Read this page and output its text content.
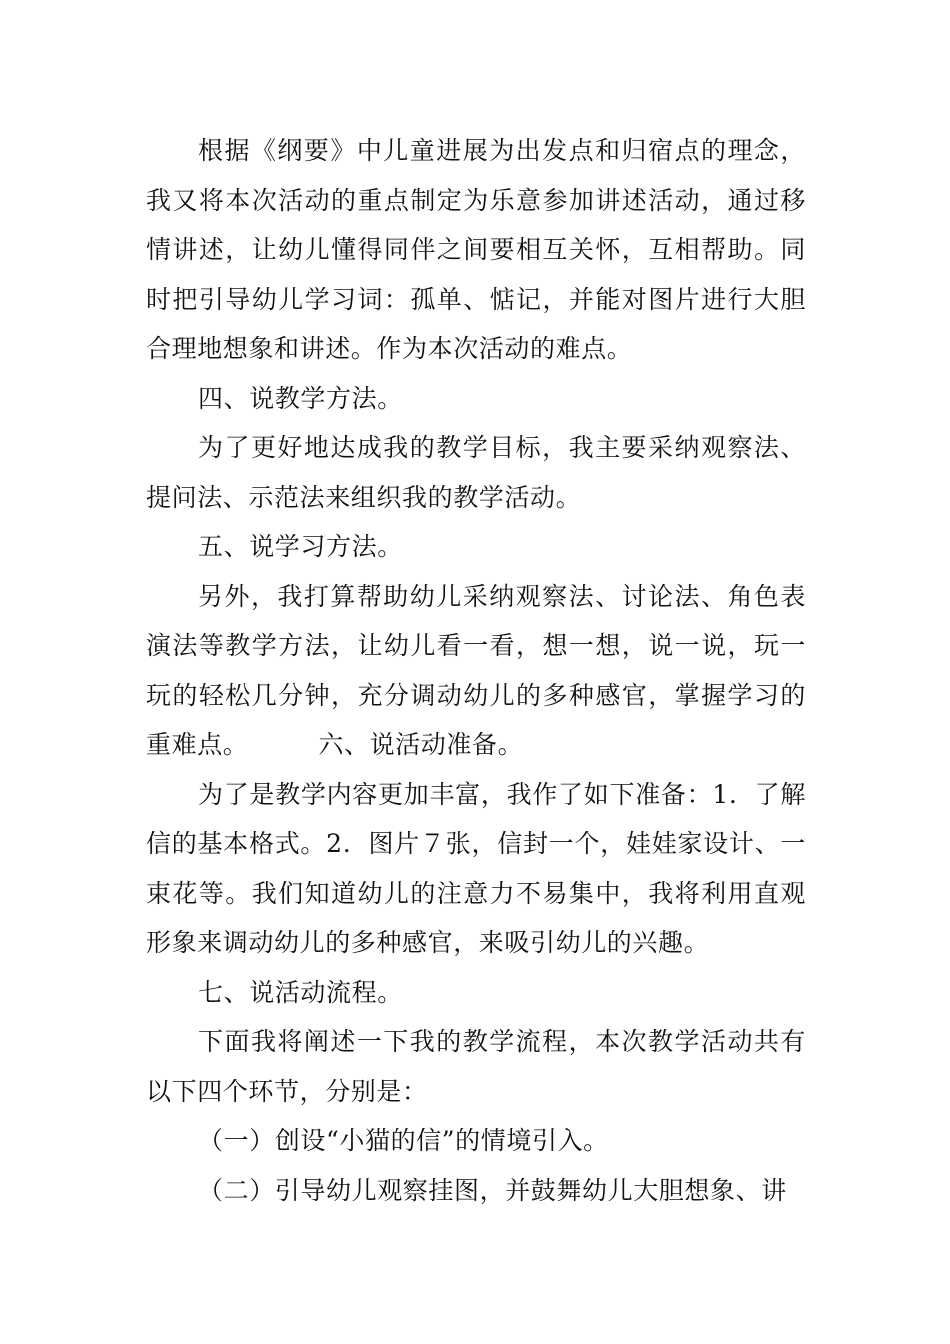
根据《纲要》中儿童进展为出发点和归宿点的理念，我又将本次活动的重点制定为乐意参加讲述活动，通过移情讲述，让幼儿懂得同伴之间要相互关怀，互相帮助。同时把引导幼儿学习词：孤单、惦记，并能对图片进行大胆合理地想象和讲述。作为本次活动的难点。

四、说教学方法。

为了更好地达成我的教学目标，我主要采纳观察法、提问法、示范法来组织我的教学活动。

五、说学习方法。

另外，我打算帮助幼儿采纳观察法、讨论法、角色表演法等教学方法，让幼儿看一看，想一想，说一说，玩一玩的轻松几分钟，充分调动幼儿的多种感官，掌握学习的重难点。	六、说活动准备。

为了是教学内容更加丰富，我作了如下准备：1．了解信的基本格式。2．图片７张，信封一个，娃娃家设计、一束花等。我们知道幼儿的注意力不易集中，我将利用直观形象来调动幼儿的多种感官，来吸引幼儿的兴趣。

七、说活动流程。

下面我将阐述一下我的教学流程，本次教学活动共有以下四个环节，分别是：

（一）创设“小猫的信”的情境引入。

（二）引导幼儿观察挂图，并鼓舞幼儿大胆想象、讲
